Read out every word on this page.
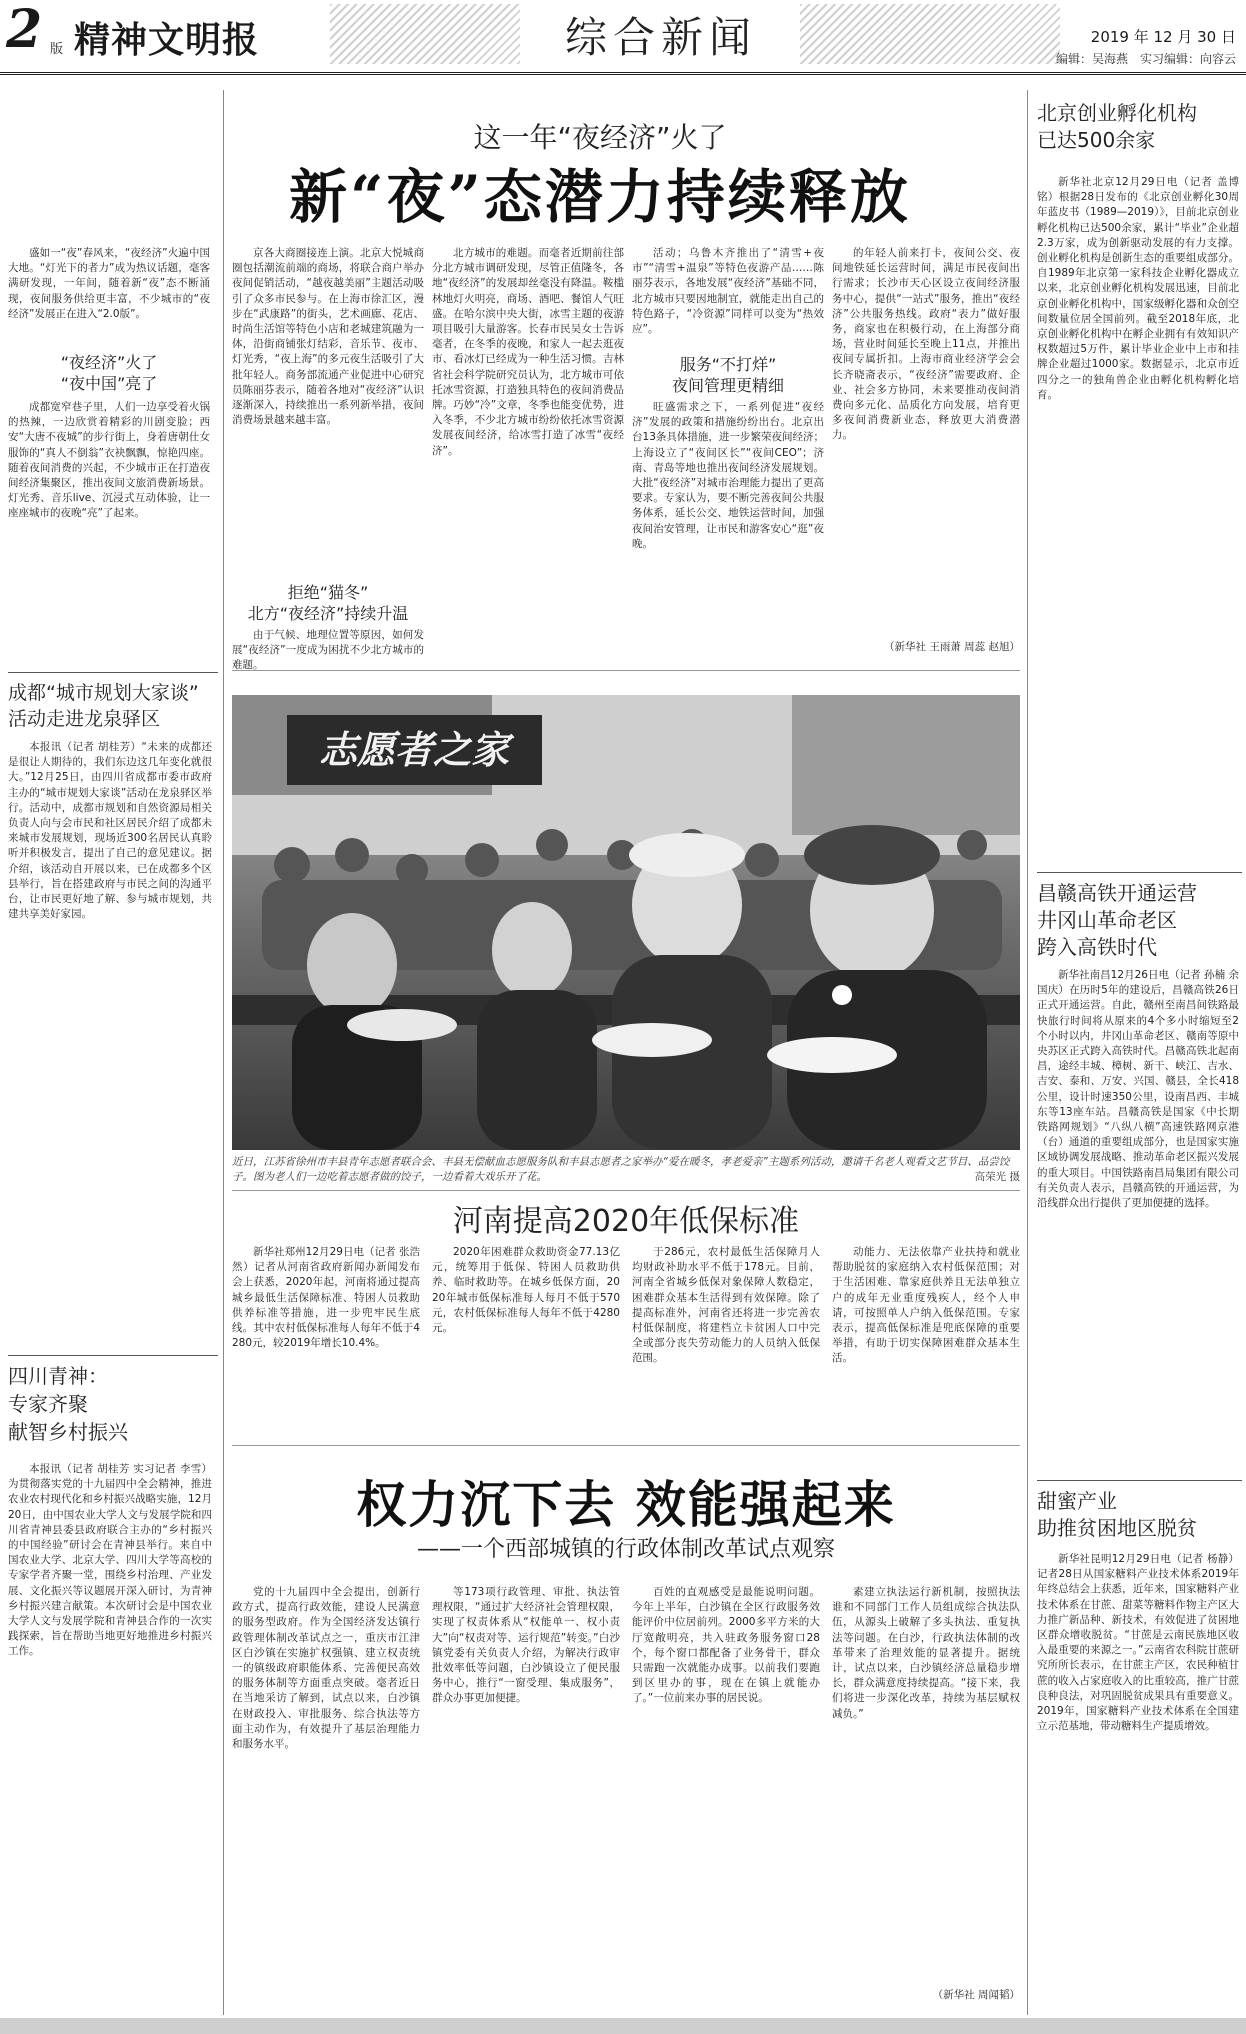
2 版 精神文明报	综合新闻	2019 年 12 月 30 日
编辑：吴海燕　实习编辑：向容云
这一年“夜经济”火了
新“夜”态潜力持续释放

盛如一“夜”春风来，“夜经济”火遍中国大地。“灯光下的者力”成为热议话题，毫客满研发现，一年间，随着新“夜”态不断涌现，夜间服务供给更丰富，不少城市的“夜经济”发展正在进入“2.0版”。

“夜经济”火了
“夜中国”亮了

成都宽窄巷子里，人们一边享受着火锅的热辣，一边欣赏着精彩的川剧变脸；西安“大唐不夜城”的步行街上，身着唐朝仕女服饰的“真人不倒翁”衣袂飘飘，惊艳四座。随着夜间消费的兴起，不少城市正在打造夜间经济集聚区，推出夜间文旅消费新场景。灯光秀、音乐live、沉浸式互动体验，让一座座城市的夜晚“亮”了起来。

京各大商圈接连上演。北京大悦城商圈包括潮流前端的商场，将联合商户举办夜间促销活动，“越夜越美丽”主题活动吸引了众多市民参与。在上海市徐汇区，漫步在“武康路”的街头，艺术画廊、花店、时尚生活馆等特色小店和老城建筑融为一体，沿街商铺张灯结彩，音乐节、夜市、灯光秀，“夜上海”的多元夜生活吸引了大批年轻人。商务部流通产业促进中心研究员陈丽芬表示，随着各地对“夜经济”认识逐渐深入，持续推出一系列新举措，夜间消费场景越来越丰富。

拒绝“猫冬”
北方“夜经济”持续升温

由于气候、地理位置等原因，如何发展“夜经济”一度成为困扰不少北方城市的难题。

北方城市的难题。而毫者近期前往部分北方城市调研发现，尽管正值隆冬，各地“夜经济”的发展却丝毫没有降温。鞍槛林地灯火明亮，商场、酒吧、餐馆人气旺盛。在哈尔滨中央大街，冰雪主题的夜游项目吸引大量游客。长春市民吴女士告诉毫者，在冬季的夜晚，和家人一起去逛夜市、看冰灯已经成为一种生活习惯。吉林省社会科学院研究员认为，北方城市可依托冰雪资源，打造独具特色的夜间消费品牌。巧妙“冷”文章，冬季也能变优势，进入冬季，不少北方城市纷纷依托冰雪资源发展夜间经济，给冰雪打造了冰雪“夜经济”。

活动；乌鲁木齐推出了“清雪+夜市”“清雪+温泉”等特色夜游产品……陈丽芬表示，各地发展“夜经济”基础不同，北方城市只要因地制宜，就能走出自己的特色路子，“冷资源”同样可以变为“热效应”。

服务“不打烊”
夜间管理更精细

旺盛需求之下，一系列促进“夜经济”发展的政策和措施纷纷出台。北京出台13条具体措施，进一步繁荣夜间经济；上海设立了“夜间区长”“夜间CEO”；济南、青岛等地也推出夜间经济发展规划。大批“夜经济”对城市治理能力提出了更高要求。专家认为，要不断完善夜间公共服务体系，延长公交、地铁运营时间，加强夜间治安管理，让市民和游客安心“逛”夜晚。

的年轻人前来打卡，夜间公交、夜间地铁延长运营时间，满足市民夜间出行需求；长沙市天心区设立夜间经济服务中心，提供“一站式”服务，推出“夜经济”公共服务热线。政府“表力”做好服务，商家也在积极行动，在上海部分商场，营业时间延长至晚上11点，并推出夜间专属折扣。上海市商业经济学会会长齐晓斋表示，“夜经济”需要政府、企业、社会多方协同，未来要推动夜间消费向多元化、品质化方向发展，培育更多夜间消费新业态，释放更大消费潜力。

（新华社 王雨萧 周蕊 赵旭）
成都“城市规划大家谈”
活动走进龙泉驿区

本报讯（记者 胡桂芳）“未来的成都还是很让人期待的，我们东边这几年变化就很大。”12月25日，由四川省成都市委市政府主办的“城市规划大家谈”活动在龙泉驿区举行。活动中，成都市规划和自然资源局相关负责人向与会市民和社区居民介绍了成都未来城市发展规划，现场近300名居民认真聆听并积极发言，提出了自己的意见建议。据介绍，该活动自开展以来，已在成都多个区县举行，旨在搭建政府与市民之间的沟通平台，让市民更好地了解、参与城市规划，共建共享美好家园。

四川青神：
专家齐聚
献智乡村振兴

本报讯（记者 胡桂芳 实习记者 李雪）为贯彻落实党的十九届四中全会精神，推进农业农村现代化和乡村振兴战略实施，12月20日，由中国农业大学人文与发展学院和四川省青神县委县政府联合主办的“乡村振兴的中国经验”研讨会在青神县举行。来自中国农业大学、北京大学、四川大学等高校的专家学者齐聚一堂，围绕乡村治理、产业发展、文化振兴等议题展开深入研讨，为青神乡村振兴建言献策。本次研讨会是中国农业大学人文与发展学院和青神县合作的一次实践探索，旨在帮助当地更好地推进乡村振兴工作。

北京创业孵化机构
已达500余家

新华社北京12月29日电（记者 盖博铭）根据28日发布的《北京创业孵化30周年蓝皮书（1989—2019）》，目前北京创业孵化机构已达500余家，累计“毕业”企业超2.3万家，成为创新驱动发展的有力支撑。创业孵化机构是创新生态的重要组成部分。自1989年北京第一家科技企业孵化器成立以来，北京创业孵化机构发展迅速，目前北京创业孵化机构中，国家级孵化器和众创空间数量位居全国前列。截至2018年底，北京创业孵化机构中在孵企业拥有有效知识产权数超过5万件，累计毕业企业中上市和挂牌企业超过1000家。数据显示，北京市近四分之一的独角兽企业由孵化机构孵化培育。

昌赣高铁开通运营
井冈山革命老区
跨入高铁时代

新华社南昌12月26日电（记者 孙楠 余国庆）在历时5年的建设后，昌赣高铁26日正式开通运营。自此，赣州至南昌间铁路最快旅行时间将从原来的4个多小时缩短至2个小时以内，井冈山革命老区、赣南等原中央苏区正式跨入高铁时代。昌赣高铁北起南昌，途经丰城、樟树、新干、峡江、吉水、吉安、泰和、万安、兴国、赣县，全长418公里，设计时速350公里，设南昌西、丰城东等13座车站。昌赣高铁是国家《中长期铁路网规划》“八纵八横”高速铁路网京港（台）通道的重要组成部分，也是国家实施区域协调发展战略、推动革命老区振兴发展的重大项目。中国铁路南昌局集团有限公司有关负责人表示，昌赣高铁的开通运营，为沿线群众出行提供了更加便捷的选择。

甜蜜产业
助推贫困地区脱贫

新华社昆明12月29日电（记者 杨静）记者28日从国家糖料产业技术体系2019年年终总结会上获悉，近年来，国家糖料产业技术体系在甘蔗、甜菜等糖料作物主产区大力推广新品种、新技术，有效促进了贫困地区群众增收脱贫。“甘蔗是云南民族地区收入最重要的来源之一。”云南省农科院甘蔗研究所所长表示，在甘蔗主产区，农民种植甘蔗的收入占家庭收入的比重较高，推广甘蔗良种良法，对巩固脱贫成果具有重要意义。2019年，国家糖料产业技术体系在全国建立示范基地，带动糖料生产提质增效。

志愿者之家
近日，江苏省徐州市丰县青年志愿者联合会、丰县无偿献血志愿服务队和丰县志愿者之家举办“爱在暖冬，孝老爱亲”主题系列活动，邀请千名老人观看文艺节目、品尝饺子。图为老人们一边吃着志愿者做的饺子，一边看着大戏乐开了花。	高荣光 摄
河南提高2020年低保标准

新华社郑州12月29日电（记者 张浩然）记者从河南省政府新闻办新闻发布会上获悉，2020年起，河南将通过提高城乡最低生活保障标准、特困人员救助供养标准等措施，进一步兜牢民生底线。其中农村低保标准每人每年不低于4280元，较2019年增长10.4%。

2020年困难群众救助资金77.13亿元，统筹用于低保、特困人员救助供养、临时救助等。在城乡低保方面，2020年城市低保标准每人每月不低于570元，农村低保标准每人每年不低于4280元。

于286元，农村最低生活保障月人均财政补助水平不低于178元。目前，河南全省城乡低保对象保障人数稳定，困难群众基本生活得到有效保障。除了提高标准外，河南省还将进一步完善农村低保制度，将建档立卡贫困人口中完全或部分丧失劳动能力的人员纳入低保范围。

动能力、无法依靠产业扶持和就业帮助脱贫的家庭纳入农村低保范围；对于生活困难、靠家庭供养且无法单独立户的成年无业重度残疾人，经个人申请，可按照单人户纳入低保范围。专家表示，提高低保标准是兜底保障的重要举措，有助于切实保障困难群众基本生活。

权力沉下去 效能强起来
——一个西部城镇的行政体制改革试点观察

党的十九届四中全会提出，创新行政方式，提高行政效能，建设人民满意的服务型政府。作为全国经济发达镇行政管理体制改革试点之一，重庆市江津区白沙镇在实施扩权强镇、建立权责统一的镇级政府职能体系、完善便民高效的服务体制等方面重点突破。毫者近日在当地采访了解到，试点以来，白沙镇在财政投入、审批服务、综合执法等方面主动作为，有效提升了基层治理能力和服务水平。

等173项行政管理、审批、执法管理权限，“通过扩大经济社会管理权限，实现了权责体系从“权能单一、权小责大”向“权责对等、运行规范”转变。”白沙镇党委有关负责人介绍，为解决行政审批效率低等问题，白沙镇设立了便民服务中心，推行“一窗受理、集成服务”，群众办事更加便捷。

百姓的直观感受是最能说明问题。今年上半年，白沙镇在全区行政服务效能评价中位居前列。2000多平方米的大厅宽敞明亮，共入驻政务服务窗口28个，每个窗口都配备了业务骨干，群众只需跑一次就能办成事。以前我们要跑到区里办的事，现在在镇上就能办了。”一位前来办事的居民说。

素建立执法运行新机制，按照执法谁和不同部门工作人员组成综合执法队伍，从源头上破解了多头执法、重复执法等问题。在白沙，行政执法体制的改革带来了治理效能的显著提升。据统计，试点以来，白沙镇经济总量稳步增长，群众满意度持续提高。“接下来，我们将进一步深化改革，持续为基层赋权减负。”

（新华社 周闻韬）
